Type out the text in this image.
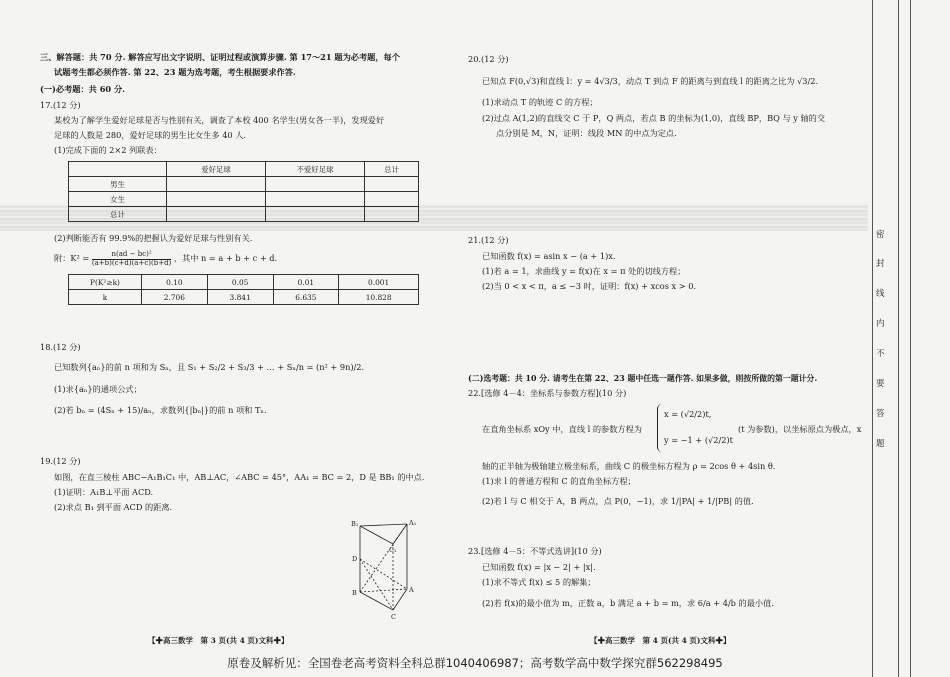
三、解答题：共 70 分. 解答应写出文字说明、证明过程或演算步骤. 第 17～21 题为必考题，每个
试题考生都必须作答. 第 22、23 题为选考题，考生根据要求作答.
(一)必考题：共 60 分.
17.(12 分)
某校为了解学生爱好足球是否与性别有关，调查了本校 400 名学生(男女各一半)，发现爱好
足球的人数是 280，爱好足球的男生比女生多 40 人.
(1)完成下面的 2×2 列联表：
	爱好足球	不爱好足球	总计
男生			
女生			
总计			
(2)判断能否有 99.9%的把握认为爱好足球与性别有关.
附：$K^2 = \frac{\text{n(ad − bc)²}}{(a+b)(c+d)(a+c)(b+d)}$ ，其中 n = a + b + c + d.
P(K²≥k)	0.10	0.05	0.01	0.001
k	2.706	3.841	6.635	10.828
18.(12 分)
已知数列{aₙ}的前 n 项和为 Sₙ，且 S₁ + S₂/2 + S₃/3 + … + Sₙ/n = (n² + 9n)/2.
(1)求{aₙ}的通项公式；
(2)若 bₙ = (4Sₙ + 15)/aₙ，求数列{|bₙ|}的前 n 项和 Tₙ.
19.(12 分)
如图，在直三棱柱 ABC−A₁B₁C₁ 中，AB⊥AC，∠ABC = 45°，AA₁ = BC = 2，D 是 BB₁ 的中点.
(1)证明：A₁B⊥平面 ACD.
(2)求点 B₁ 到平面 ACD 的距离.
A₁
B₁
C₁
D
A
B
C
【✚高三数学　第 3 页(共 4 页)文科✚】
20.(12 分)
已知点 F(0,√3)和直线 l：y = 4√3/3，动点 T 到点 F 的距离与到直线 l 的距离之比为 √3/2.
(1)求动点 T 的轨迹 C 的方程；
(2)过点 A(1,2)的直线交 C 于 P，Q 两点，若点 B 的坐标为(1,0)，直线 BP，BQ 与 y 轴的交
点分别是 M，N，证明：线段 MN 的中点为定点.
21.(12 分)
已知函数 f(x) = asin x − (a + 1)x.
(1)若 a = 1，求曲线 y = f(x)在 x = π 处的切线方程；
(2)当 0 < x < π，a ≤ −3 时，证明：f(x) + xcos x > 0.
(二)选考题：共 10 分. 请考生在第 22、23 题中任选一题作答. 如果多做，则按所做的第一题计分.
22.[选修 4－4：坐标系与参数方程](10 分)
在直角坐标系 xOy 中，直线 l 的参数方程为
x = (√2/2)t,
y = −1 + (√2/2)t
(t 为参数)，以坐标原点为极点，x
轴的正半轴为极轴建立极坐标系，曲线 C 的极坐标方程为 ρ = 2cos θ + 4sin θ.
(1)求 l 的普通方程和 C 的直角坐标方程；
(2)若 l 与 C 相交于 A，B 两点，点 P(0，−1)，求 1/|PA| + 1/|PB| 的值.
23.[选修 4－5：不等式选讲](10 分)
已知函数 f(x) = |x − 2| + |x|.
(1)求不等式 f(x) ≤ 5 的解集；
(2)若 f(x)的最小值为 m，正数 a，b 满足 a + b = m，求 6/a + 4/b 的最小值.
【✚高三数学　第 4 页(共 4 页)文科✚】
密
封
线
内
不
要
答
题
原卷及解析见：全国卷老高考资料全科总群1040406987；高考数学高中数学探究群562298495
